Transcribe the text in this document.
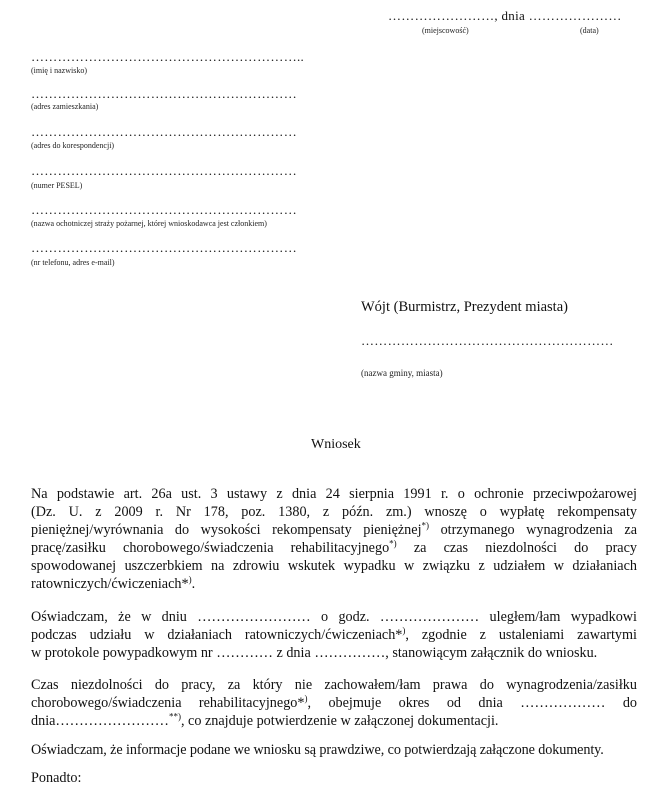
……………………, dnia …………………
(miejscowość)	(data)
……………………………………………………..
(imię i nazwisko)
……………………………………………………
(adres zamieszkania)
……………………………………………………
(adres do korespondencji)
……………………………………………………
(numer PESEL)
……………………………………………………
(nazwa ochotniczej straży pożarnej, której wnioskodawca jest członkiem)
……………………………………………………
(nr telefonu, adres e-mail)
Wójt (Burmistrz, Prezydent miasta)
…………………………………………………
(nazwa gminy, miasta)
Wniosek
Na podstawie art. 26a ust. 3 ustawy z dnia 24 sierpnia 1991 r. o ochronie przeciwpożarowej
(Dz. U. z 2009 r. Nr 178, poz. 1380, z późn. zm.) wnoszę o wypłatę rekompensaty
pieniężnej/wyrównania do wysokości rekompensaty pieniężnej*) otrzymanego wynagrodzenia za
pracę/zasiłku chorobowego/świadczenia rehabilitacyjnego*) za czas niezdolności do pracy
spowodowanej uszczerbkiem na zdrowiu wskutek wypadku w związku z udziałem w działaniach
ratowniczych/ćwiczeniach*).
Oświadczam, że w dniu …………………… o godz. ………………… uległem/łam wypadkowi
podczas udziału w działaniach ratowniczych/ćwiczeniach*), zgodnie z ustaleniami zawartymi
w protokole powypadkowym nr ………… z dnia ……………, stanowiącym załącznik do wniosku.
Czas niezdolności do pracy, za który nie zachowałem/łam prawa do wynagrodzenia/zasiłku
chorobowego/świadczenia rehabilitacyjnego*), obejmuje okres od dnia ……………… do
dnia……………………**), co znajduje potwierdzenie w załączonej dokumentacji.
Oświadczam, że informacje podane we wniosku są prawdziwe, co potwierdzają załączone dokumenty.
Ponadto:
